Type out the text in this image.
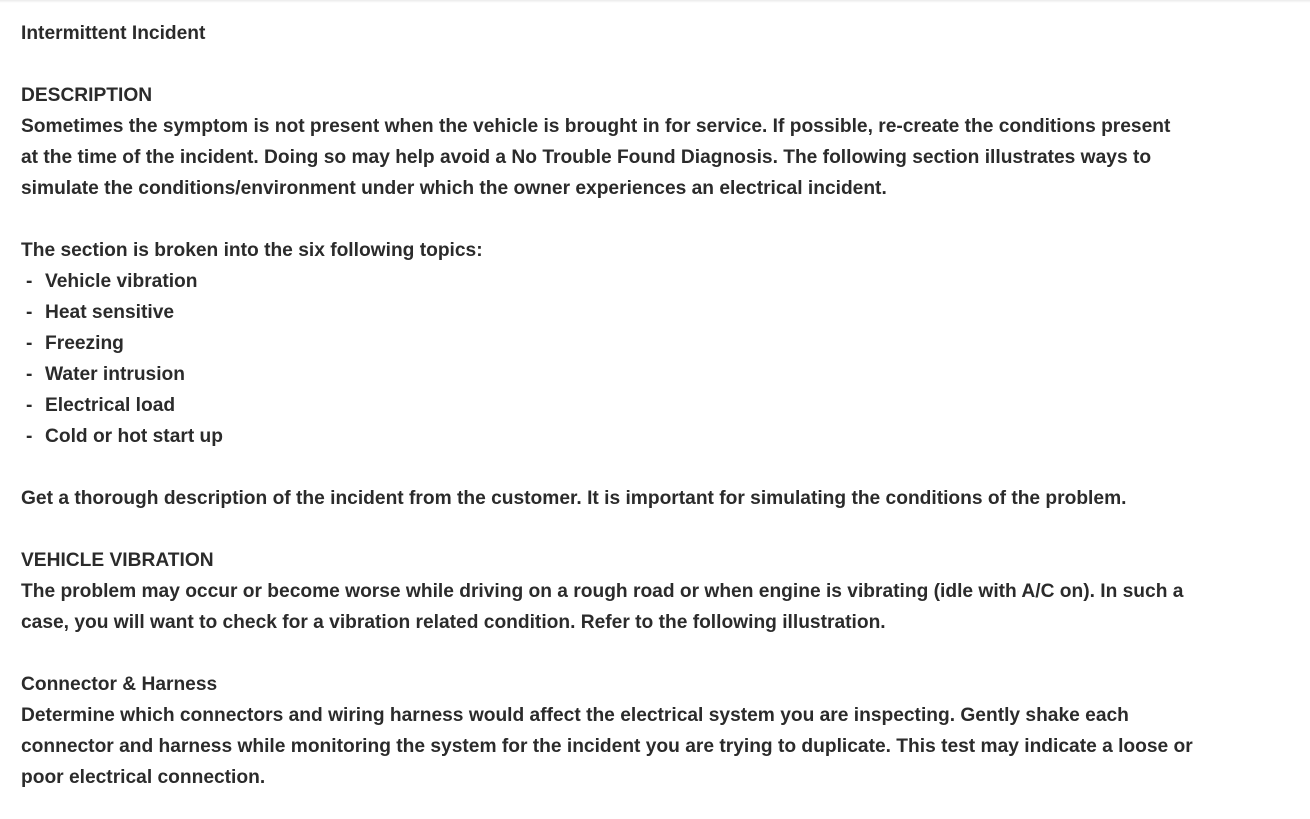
Intermittent Incident

DESCRIPTION

Sometimes the symptom is not present when the vehicle is brought in for service. If possible, re-create the conditions present

at the time of the incident. Doing so may help avoid a No Trouble Found Diagnosis. The following section illustrates ways to

simulate the conditions/environment under which the owner experiences an electrical incident.

The section is broken into the six following topics:

- Vehicle vibration
- Heat sensitive
- Freezing
- Water intrusion
- Electrical load
- Cold or hot start up

Get a thorough description of the incident from the customer. It is important for simulating the conditions of the problem.

VEHICLE VIBRATION

The problem may occur or become worse while driving on a rough road or when engine is vibrating (idle with A/C on). In such a

case, you will want to check for a vibration related condition. Refer to the following illustration.

Connector & Harness

Determine which connectors and wiring harness would affect the electrical system you are inspecting. Gently shake each

connector and harness while monitoring the system for the incident you are trying to duplicate. This test may indicate a loose or

poor electrical connection.
